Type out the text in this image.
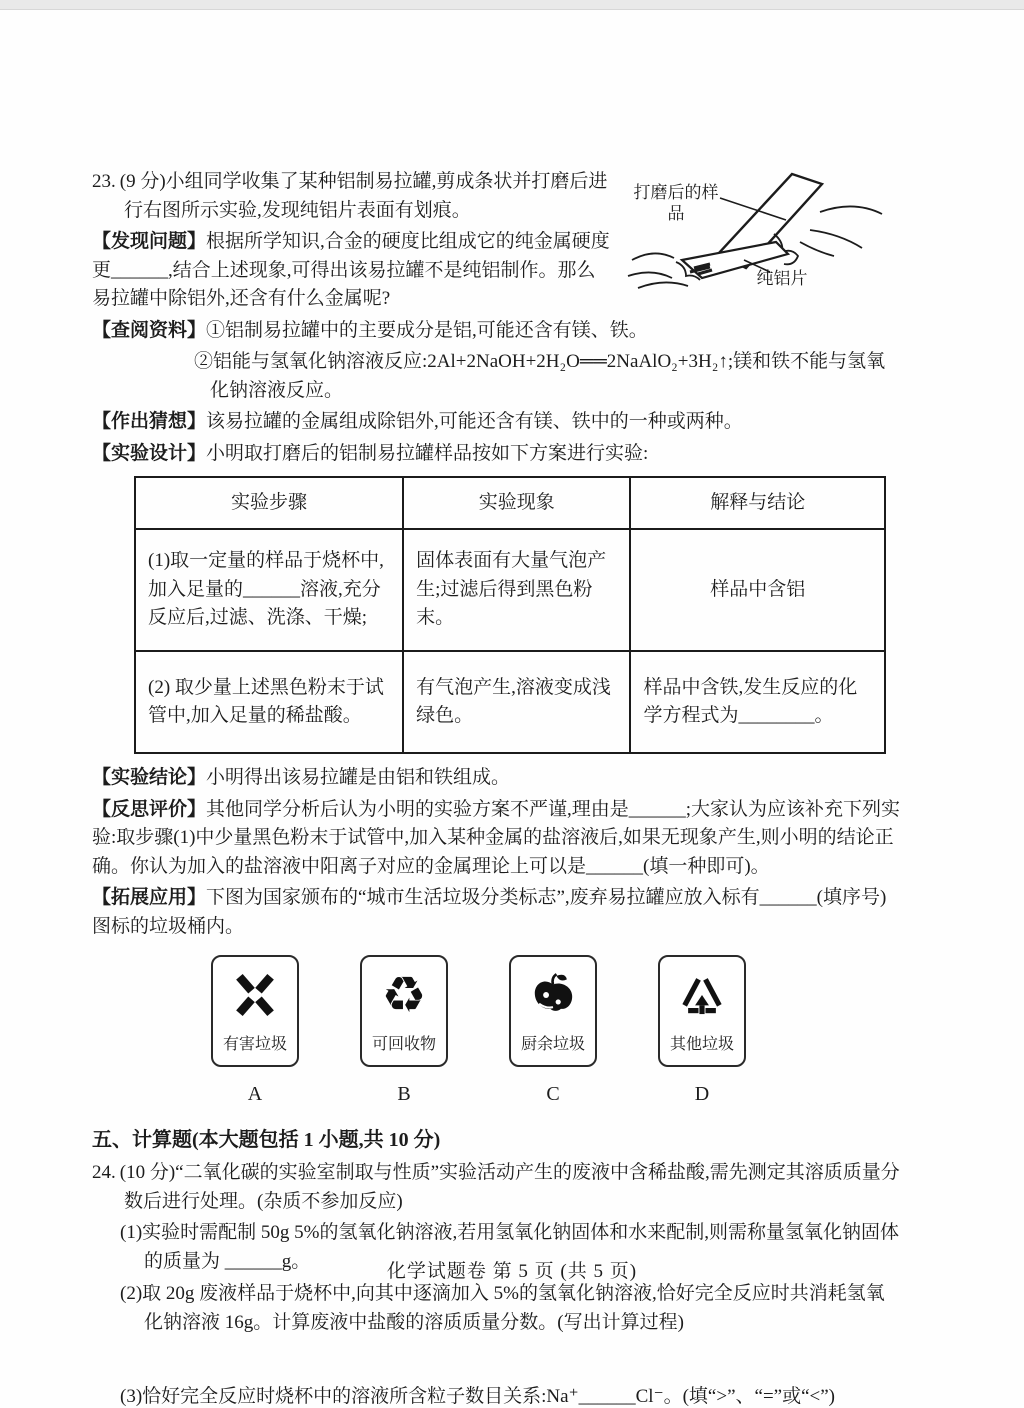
打磨后的样品
纯铝片

23. (9 分)小组同学收集了某种铝制易拉罐,剪成条状并打磨后进行右图所示实验,发现纯铝片表面有划痕。

【发现问题】根据所学知识,合金的硬度比组成它的纯金属硬度更______,结合上述现象,可得出该易拉罐不是纯铝制作。那么易拉罐中除铝外,还含有什么金属呢?

【查阅资料】①铝制易拉罐中的主要成分是铝,可能还含有镁、铁。

②铝能与氢氧化钠溶液反应:2Al+2NaOH+2H₂O══2NaAlO₂+3H₂↑;镁和铁不能与氢氧化钠溶液反应。

【作出猜想】该易拉罐的金属组成除铝外,可能还含有镁、铁中的一种或两种。

【实验设计】小明取打磨后的铝制易拉罐样品按如下方案进行实验:

实验步骤	实验现象	解释与结论
(1)取一定量的样品于烧杯中,加入足量的______溶液,充分反应后,过滤、洗涤、干燥;	固体表面有大量气泡产生;过滤后得到黑色粉末。	样品中含铝
(2) 取少量上述黑色粉末于试管中,加入足量的稀盐酸。	有气泡产生,溶液变成浅绿色。	样品中含铁,发生反应的化学方程式为________。

【实验结论】小明得出该易拉罐是由铝和铁组成。

【反思评价】其他同学分析后认为小明的实验方案不严谨,理由是______;大家认为应该补充下列实验:取步骤(1)中少量黑色粉末于试管中,加入某种金属的盐溶液后,如果无现象产生,则小明的结论正确。你认为加入的盐溶液中阳离子对应的金属理论上可以是______(填一种即可)。

【拓展应用】下图为国家颁布的“城市生活垃圾分类标志”,废弃易拉罐应放入标有______(填序号)图标的垃圾桶内。

有害垃圾
A
♻
可回收物
B
厨余垃圾
C
其他垃圾
D

五、计算题(本大题包括 1 小题,共 10 分)

24. (10 分)“二氧化碳的实验室制取与性质”实验活动产生的废液中含稀盐酸,需先测定其溶质质量分数后进行处理。(杂质不参加反应)

(1)实验时需配制 50g 5%的氢氧化钠溶液,若用氢氧化钠固体和水来配制,则需称量氢氧化钠固体的质量为 ______g。

(2)取 20g 废液样品于烧杯中,向其中逐滴加入 5%的氢氧化钠溶液,恰好完全反应时共消耗氢氧化钠溶液 16g。计算废液中盐酸的溶质质量分数。(写出计算过程)

(3)恰好完全反应时烧杯中的溶液所含粒子数目关系:Na⁺______Cl⁻。(填“>”、“=”或“<”)

化学试题卷 第 5 页 (共 5 页)
